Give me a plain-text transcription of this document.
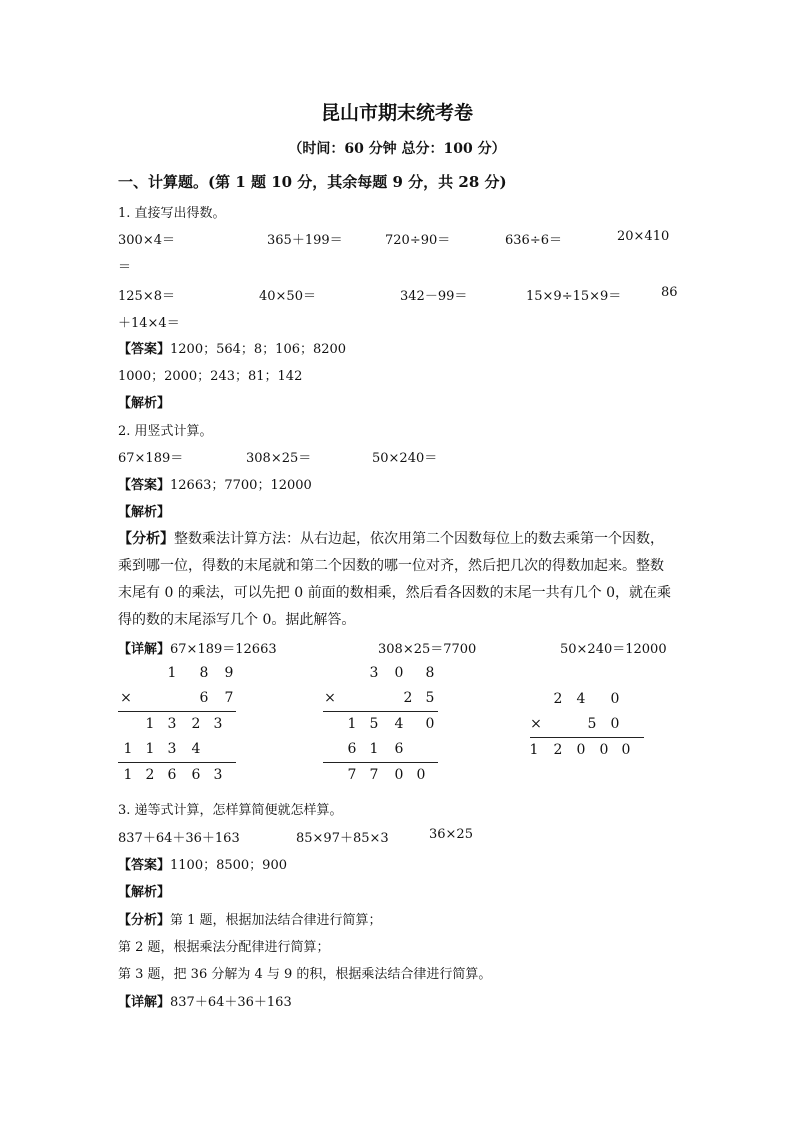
昆山市期末统考卷
（时间：60 分钟 总分：100 分）
一、计算题。(第 1 题 10 分，其余每题 9 分，共 28 分)
1. 直接写出得数。
300×4＝	365＋199＝	720÷90＝	636÷6＝	20×410
＝
125×8＝	40×50＝	342－99＝	15×9÷15×9＝	86
＋14×4＝
【答案】1200；564；8；106；8200
1000；2000；243；81；142
【解析】
2. 用竖式计算。
67×189＝	308×25＝	50×240＝
【答案】12663；7700；12000
【解析】
【分析】整数乘法计算方法：从右边起，依次用第二个因数每位上的数去乘第一个因数，
乘到哪一位，得数的末尾就和第二个因数的哪一位对齐，然后把几次的得数加起来。整数
末尾有 0 的乘法，可以先把 0 前面的数相乘，然后看各因数的末尾一共有几个 0，就在乘
得的数的末尾添写几个 0。据此解答。
【详解】67×189＝12663	308×25＝7700	50×240＝12000
1	8	9
×	6	7
1 3	2 3
1 1 3	4
1 2 6	6 3
3	0	8
×	2 5
1 5	4	0
6 1	6
7 7	0 0
2	4	0
×	5	0
1	2	0	0 0
3. 递等式计算，怎样算简便就怎样算。
837＋64＋36＋163	85×97＋85×3	36×25
【答案】1100；8500；900
【解析】
【分析】第 1 题，根据加法结合律进行简算；
第 2 题，根据乘法分配律进行简算；
第 3 题，把 36 分解为 4 与 9 的积，根据乘法结合律进行简算。
【详解】837＋64＋36＋163
